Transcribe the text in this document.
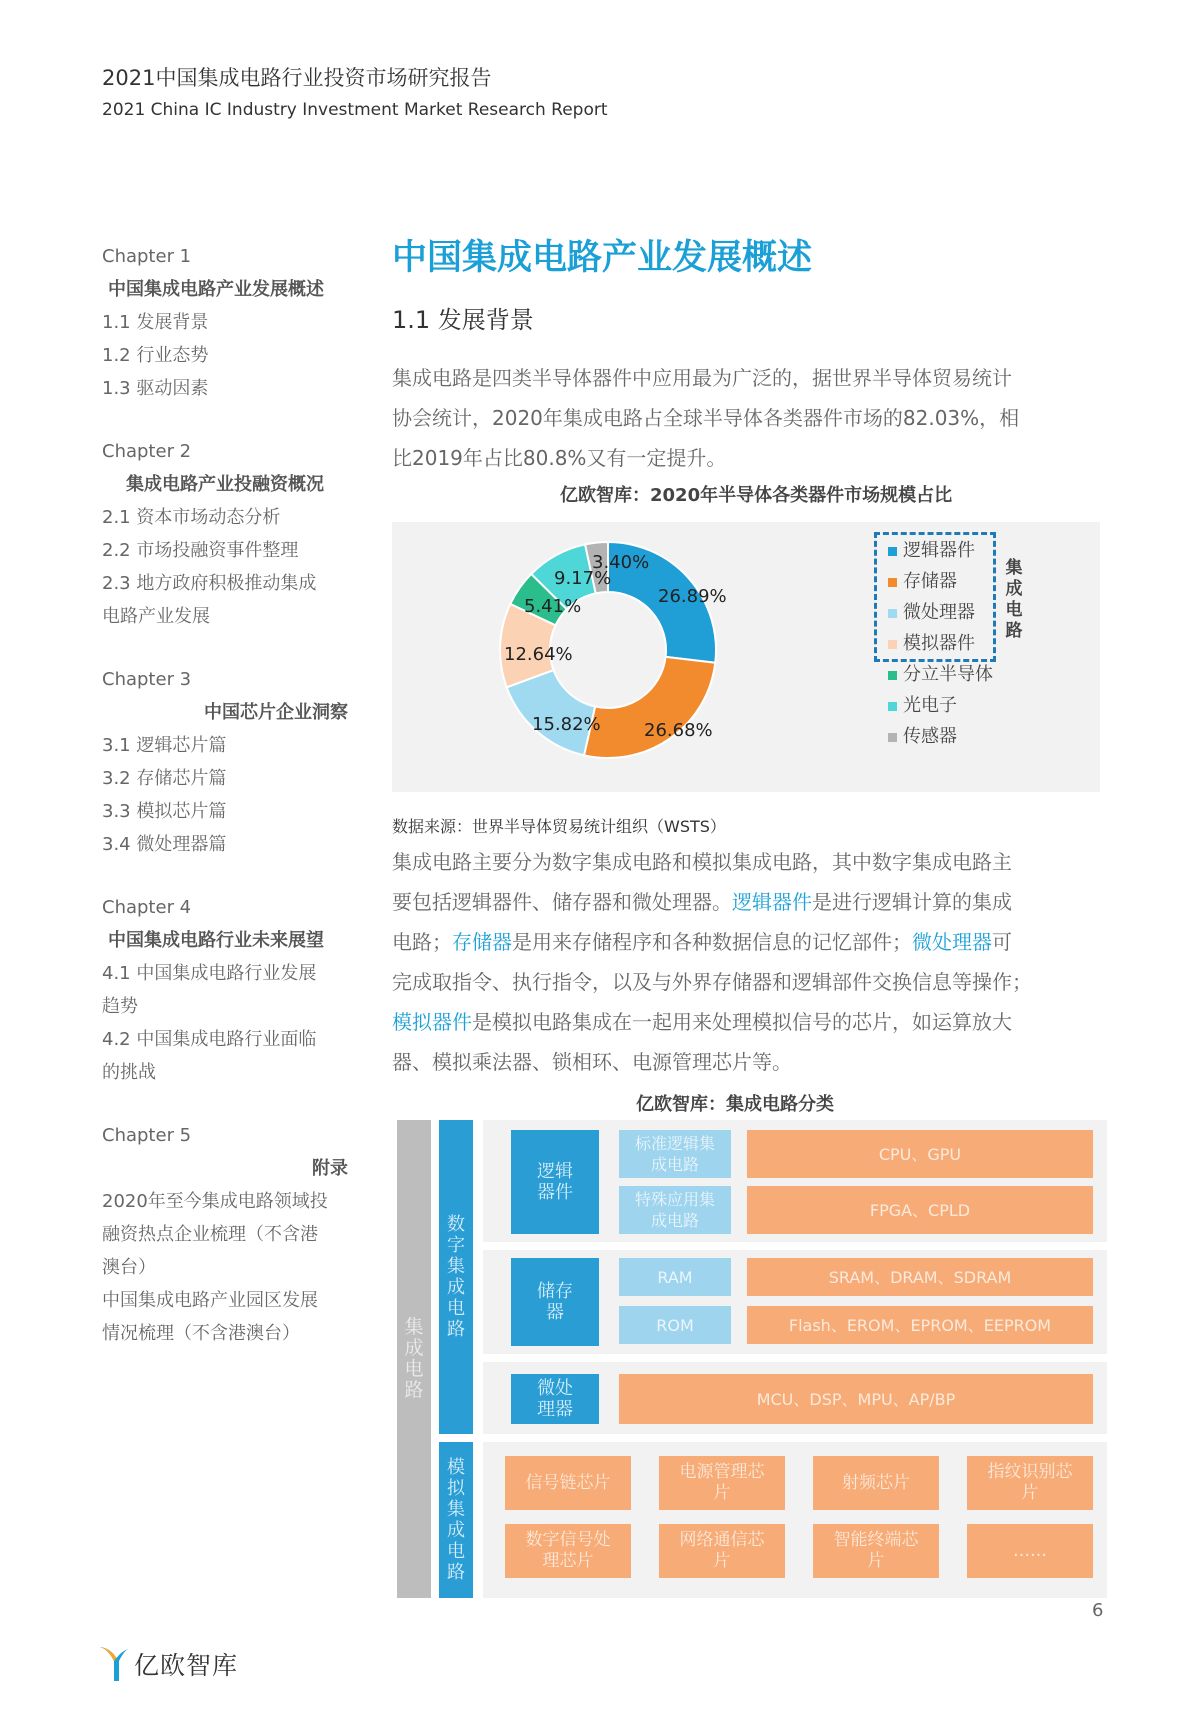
2021中国集成电路行业投资市场研究报告
2021 China IC Industry Investment Market Research Report
Chapter 1
中国集成电路产业发展概述
1.1 发展背景
1.2 行业态势
1.3 驱动因素
Chapter 2
集成电路产业投融资概况
2.1 资本市场动态分析
2.2 市场投融资事件整理
2.3 地方政府积极推动集成
电路产业发展
Chapter 3
中国芯片企业洞察
3.1 逻辑芯片篇
3.2 存储芯片篇
3.3 模拟芯片篇
3.4 微处理器篇
Chapter 4
中国集成电路行业未来展望
4.1 中国集成电路行业发展
趋势
4.2 中国集成电路行业面临
的挑战
Chapter 5
附录
2020年至今集成电路领域投
融资热点企业梳理（不含港
澳台）
中国集成电路产业园区发展
情况梳理（不含港澳台）
中国集成电路产业发展概述
1.1 发展背景
集成电路是四类半导体器件中应用最为广泛的，据世界半导体贸易统计
协会统计，2020年集成电路占全球半导体各类器件市场的82.03%，相
比2019年占比80.8%又有一定提升。
亿欧智库：2020年半导体各类器件市场规模占比
集成电路
逻辑器件
存储器
微处理器
模拟器件
分立半导体
光电子
传感器
26.89%
26.68%
15.82%
12.64%
5.41%
9.17%
3.40%
数据来源：世界半导体贸易统计组织（WSTS）
集成电路主要分为数字集成电路和模拟集成电路，其中数字集成电路主
要包括逻辑器件、储存器和微处理器。逻辑器件是进行逻辑计算的集成
电路；存储器是用来存储程序和各种数据信息的记忆部件；微处理器可
完成取指令、执行指令，以及与外界存储器和逻辑部件交换信息等操作；
模拟器件是模拟电路集成在一起用来处理模拟信号的芯片，如运算放大
器、模拟乘法器、锁相环、电源管理芯片等。
亿欧智库：集成电路分类
集成电路
数字集成电路
模拟集成电路
逻辑器件
标准逻辑集成电路
特殊应用集成电路
CPU、GPU
FPGA、CPLD
储存器
RAM
ROM
SRAM、DRAM、SDRAM
Flash、EROM、EPROM、EEPROM
微处理器	MCU、DSP、MPU、AP/BP
信号链芯片
电源管理芯片
射频芯片
指纹识别芯片
数字信号处理芯片
网络通信芯片
智能终端芯片
……
6
亿欧智库
